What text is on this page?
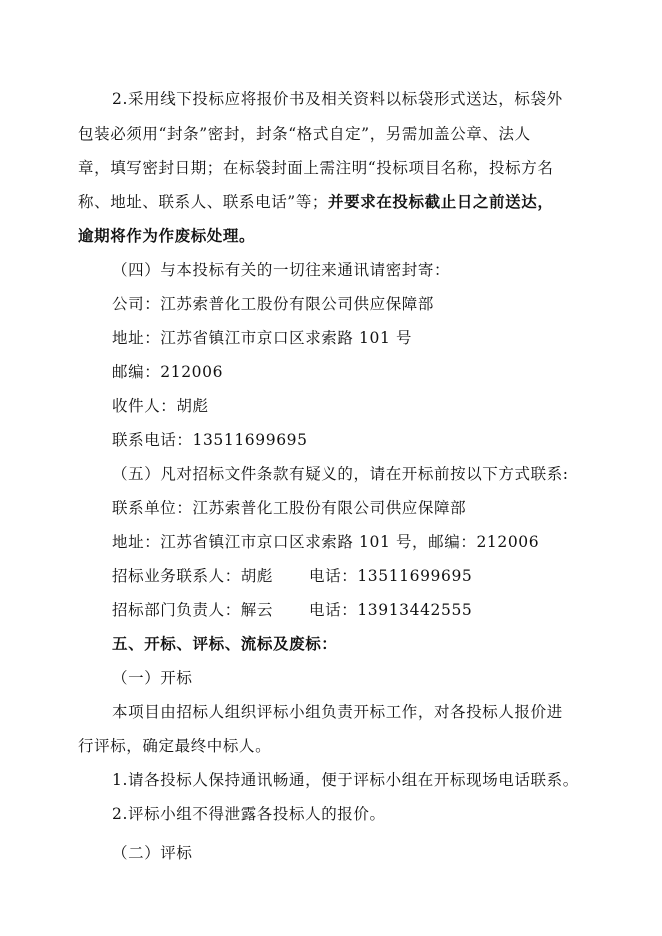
2.采用线下投标应将报价书及相关资料以标袋形式送达，标袋外
包装必须用“封条”密封，封条“格式自定”，另需加盖公章、法人
章，填写密封日期；在标袋封面上需注明“投标项目名称，投标方名
称、地址、联系人、联系电话”等；并要求在投标截止日之前送达，
逾期将作为作废标处理。
（四）与本投标有关的一切往来通讯请密封寄：
公司：江苏索普化工股份有限公司供应保障部
地址：江苏省镇江市京口区求索路 101 号
邮编：212006
收件人：胡彪
联系电话：13511699695
（五）凡对招标文件条款有疑义的，请在开标前按以下方式联系:
联系单位：江苏索普化工股份有限公司供应保障部
地址：江苏省镇江市京口区求索路 101 号，邮编：212006
招标业务联系人：胡彪 电话：13511699695
招标部门负责人：解云 电话：13913442555
五、开标、评标、流标及废标：
（一）开标
本项目由招标人组织评标小组负责开标工作，对各投标人报价进
行评标，确定最终中标人。
1.请各投标人保持通讯畅通，便于评标小组在开标现场电话联系。
2.评标小组不得泄露各投标人的报价。
（二）评标
